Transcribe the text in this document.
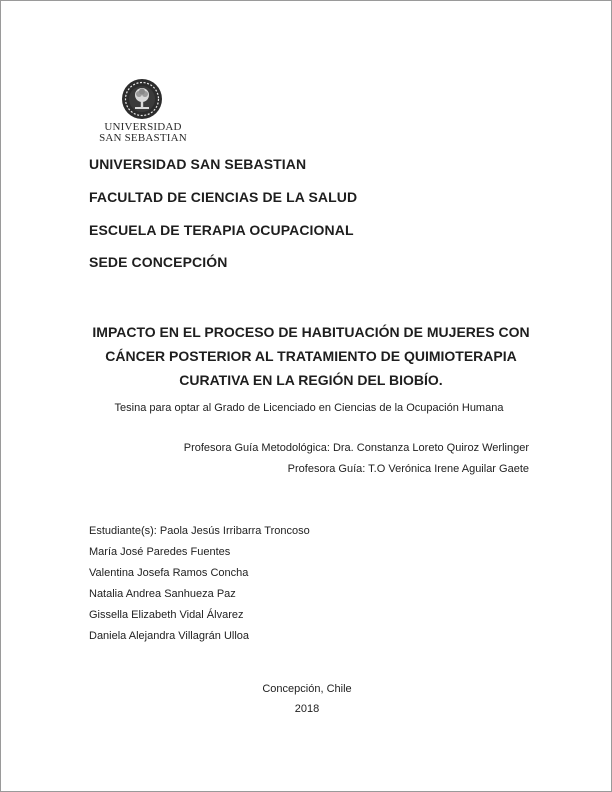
UNIVERSIDAD
SAN SEBASTIAN
UNIVERSIDAD SAN SEBASTIAN
FACULTAD DE CIENCIAS DE LA SALUD
ESCUELA DE TERAPIA OCUPACIONAL
SEDE CONCEPCIÓN
IMPACTO EN EL PROCESO DE HABITUACIÓN DE MUJERES CON
CÁNCER POSTERIOR AL TRATAMIENTO DE QUIMIOTERAPIA
CURATIVA EN LA REGIÓN DEL BIOBÍO.
Tesina para optar al Grado de Licenciado en Ciencias de la Ocupación Humana
Profesora Guía Metodológica: Dra. Constanza Loreto Quiroz Werlinger
Profesora Guía: T.O Verónica Irene Aguilar Gaete
Estudiante(s): Paola Jesús Irribarra Troncoso
María José Paredes Fuentes
Valentina Josefa Ramos Concha
Natalia Andrea Sanhueza Paz
Gissella Elizabeth Vidal Álvarez
Daniela Alejandra Villagrán Ulloa
Concepción, Chile
2018
